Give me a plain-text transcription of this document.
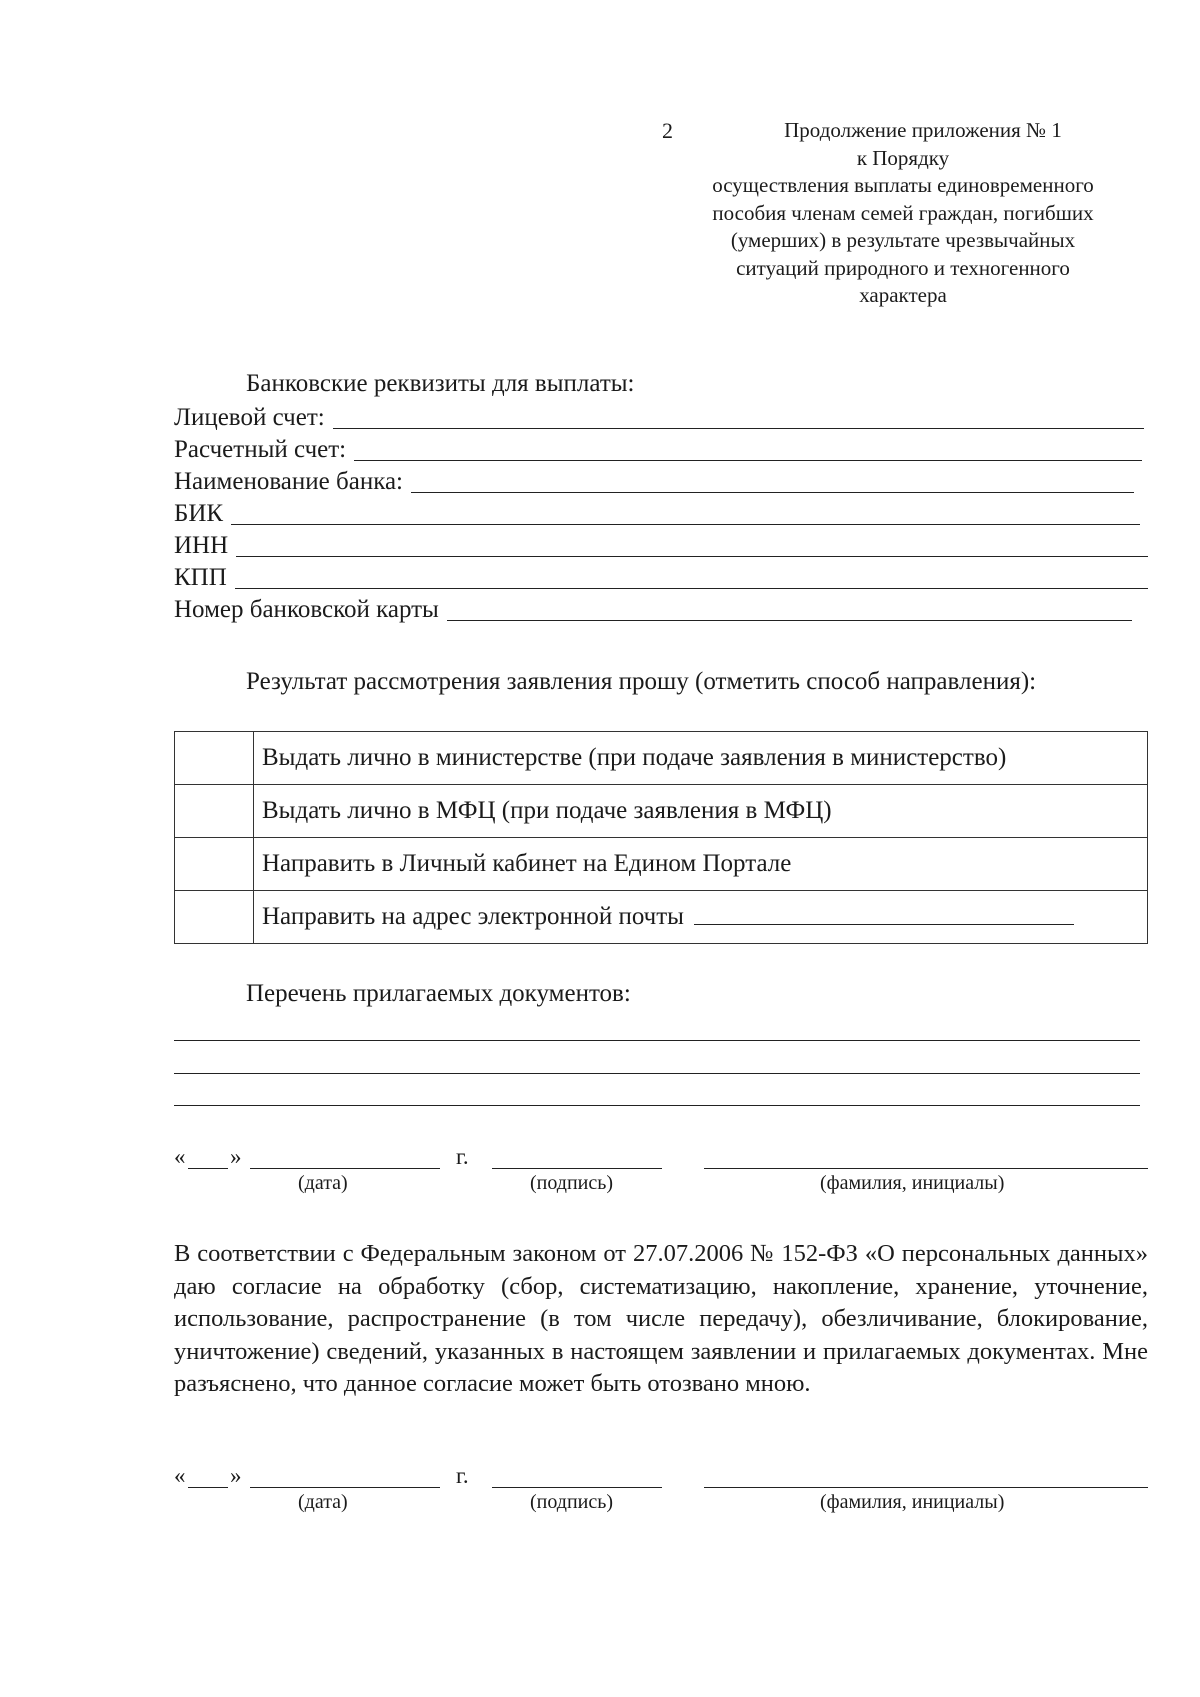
2	Продолжение приложения № 1
к Порядку
осуществления выплаты единовременного
пособия членам семей граждан, погибших
(умерших) в результате чрезвычайных
ситуаций природного и техногенного
характера
Банковские реквизиты для выплаты:
Лицевой счет:
Расчетный счет:
Наименование банка:
БИК
ИНН
КПП
Номер банковской карты
Результат рассмотрения заявления прошу (отметить способ направления):
	Выдать лично в министерстве (при подаче заявления в министерство)
	Выдать лично в МФЦ (при подаче заявления в МФЦ)
	Направить в Личный кабинет на Едином Портале

	Направить на адрес электронной почты
Перечень прилагаемых документов:
« »	г.
(дата)	(подпись)	(фамилия, инициалы)
В соответствии с Федеральным законом от 27.07.2006 № 152-ФЗ «О персональных данных» даю согласие на обработку (сбор, систематизацию, накопление, хранение, уточнение, использование, распространение (в том числе передачу), обезличивание, блокирование, уничтожение) сведений, указанных в настоящем заявлении и прилагаемых документах. Мне разъяснено, что данное согласие может быть отозвано мною.
« »	г.
(дата)	(подпись)	(фамилия, инициалы)
